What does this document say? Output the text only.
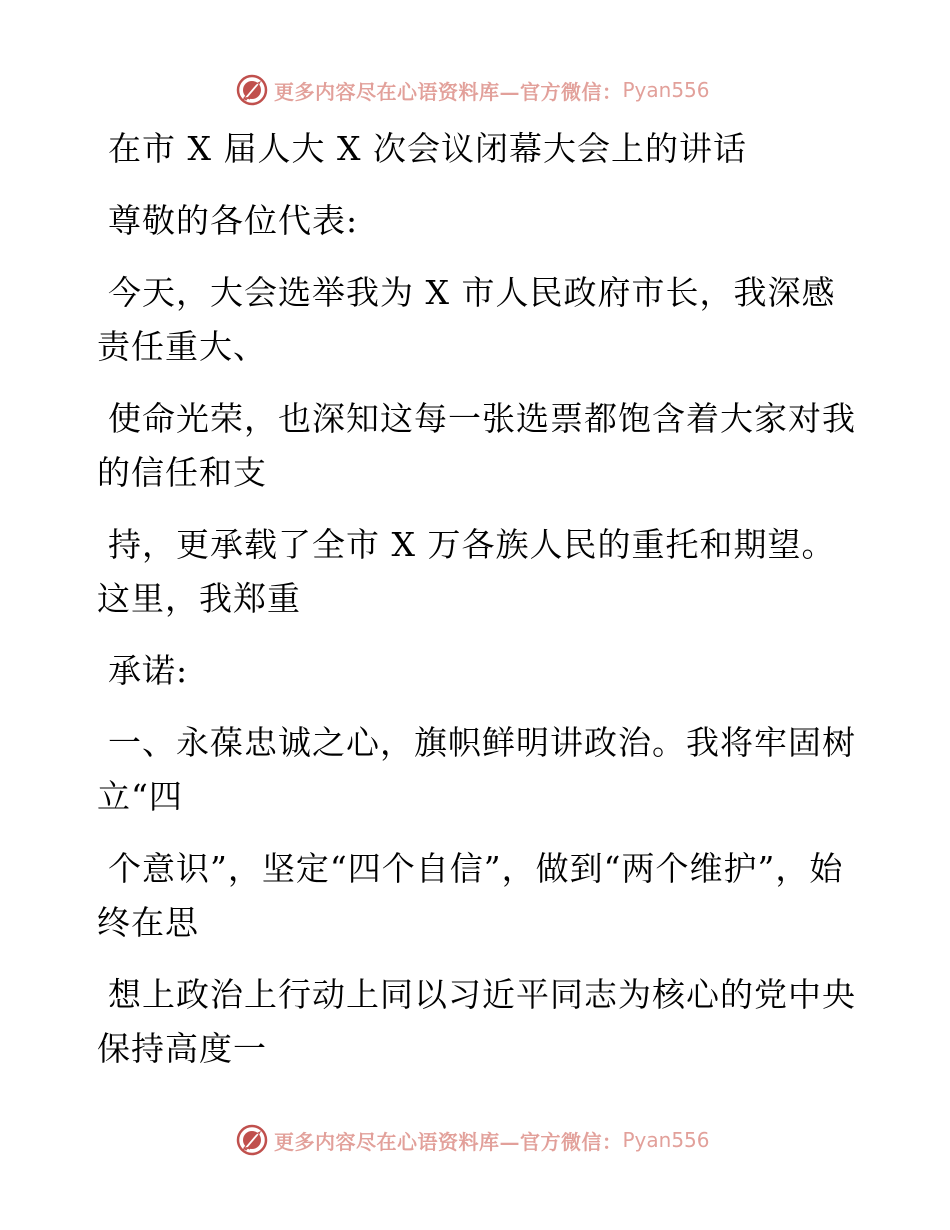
更多内容尽在心语资料库—官方微信： Pyan556

在市 X 届人大 X 次会议闭幕大会上的讲话

尊敬的各位代表:

今天，大会选举我为 X 市人民政府市长，我深感责任重大、

使命光荣，也深知这每一张选票都饱含着大家对我的信任和支

持，更承载了全市 X 万各族人民的重托和期望。这里，我郑重

承诺:

一、永葆忠诚之心，旗帜鲜明讲政治。我将牢固树立“四

个意识”，坚定“四个自信”，做到“两个维护”，始终在思

想上政治上行动上同以习近平同志为核心的党中央保持高度一

更多内容尽在心语资料库—官方微信： Pyan556
